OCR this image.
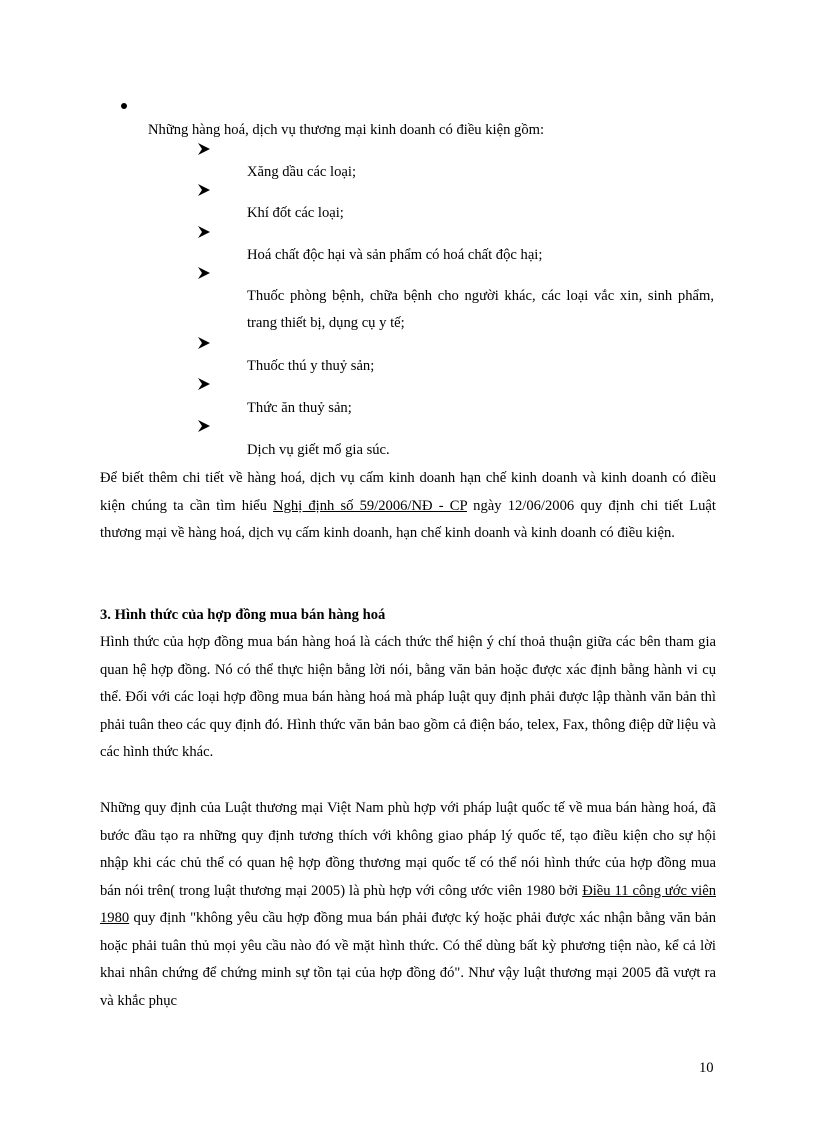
Những hàng hoá, dịch vụ thương mại kinh doanh có điều kiện gồm:
Xăng dầu các loại;
Khí đốt các loại;
Hoá chất độc hại và sản phẩm có hoá chất độc hại;
Thuốc phòng bệnh, chữa bệnh cho người khác, các loại vắc xin, sinh phẩm, trang thiết bị, dụng cụ y tế;
Thuốc thú y thuỷ sản;
Thức ăn thuỷ sản;
Dịch vụ giết mổ gia súc.
Để biết thêm chi tiết về hàng hoá, dịch vụ cấm kinh doanh hạn chế kinh doanh và kinh doanh có điều kiện chúng ta cần tìm hiểu Nghị định số 59/2006/NĐ - CP ngày 12/06/2006 quy định chi tiết Luật thương mại về hàng hoá, dịch vụ cấm kinh doanh, hạn chế kinh doanh và kinh doanh có điều kiện.
3. Hình thức của hợp đồng mua bán hàng hoá
Hình thức của hợp đồng mua bán hàng hoá là cách thức thể hiện ý chí thoả thuận giữa các bên tham gia quan hệ hợp đồng. Nó có thể thực hiện bằng lời nói, bằng văn bản hoặc được xác định bằng hành vi cụ thể. Đối với các loại hợp đồng mua bán hàng hoá mà pháp luật quy định phải được lập thành văn bản thì phải tuân theo các quy định đó. Hình thức văn bản bao gồm cả điện báo, telex, Fax, thông điệp dữ liệu và các hình thức khác.
Những quy định của Luật thương mại Việt Nam phù hợp với pháp luật quốc tế về mua bán hàng hoá, đã bước đầu tạo ra những quy định tương thích với không giao pháp lý quốc tế, tạo điều kiện cho sự hội nhập khi các chủ thể có quan hệ hợp đồng thương mại quốc tế có thể nói hình thức của hợp đồng mua bán nói trên( trong luật thương mại 2005) là phù hợp với công ước viên 1980 bởi Điều 11 công ước viên 1980 quy định "không yêu cầu hợp đồng mua bán phải được ký hoặc phải được xác nhận bằng văn bản hoặc phải tuân thủ mọi yêu cầu nào đó về mặt hình thức. Có thể dùng bất kỳ phương tiện nào, kể cả lời khai nhân chứng để chứng minh sự tồn tại của hợp đồng đó". Như vậy luật thương mại 2005 đã vượt ra và khắc phục
10
